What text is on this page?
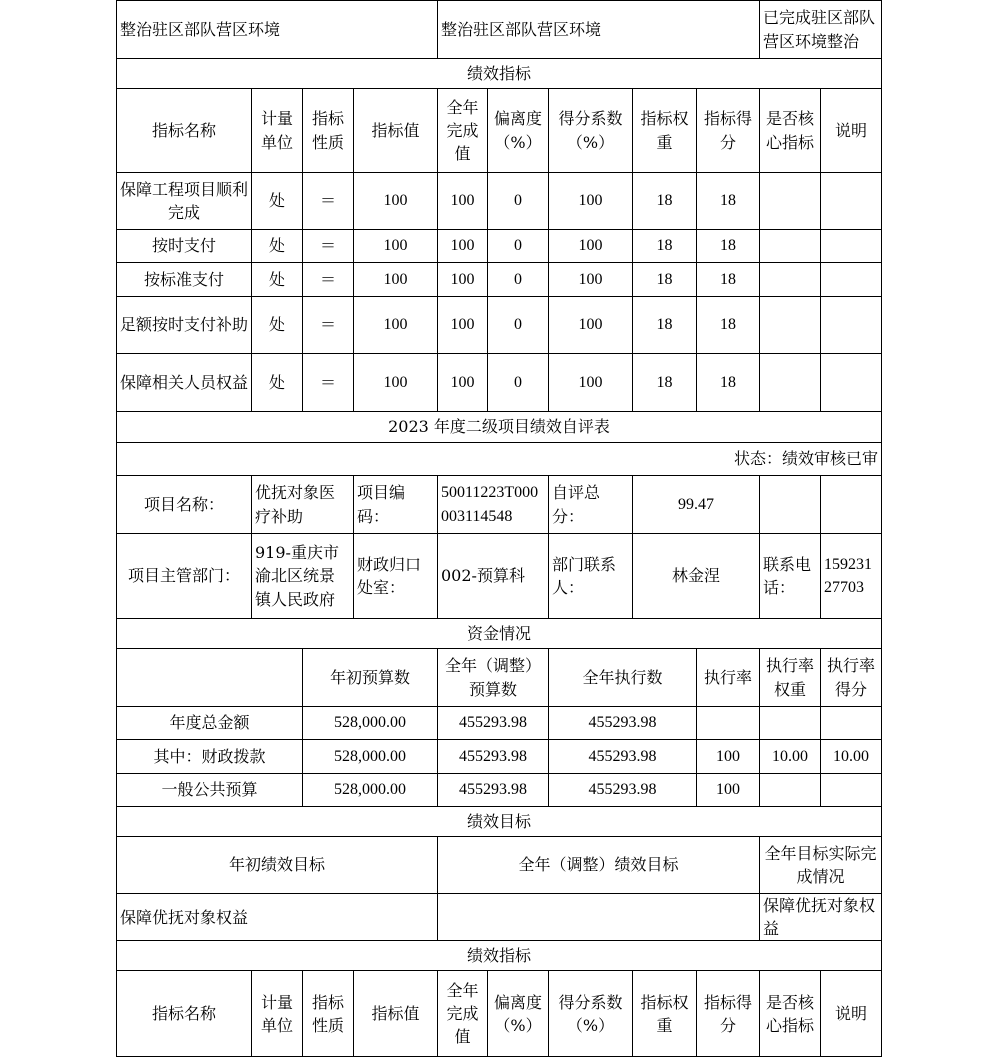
整治驻区部队营区环境				整治驻区部队营区环境					已完成驻区部队营区环境整治	
绩效指标										
指标名称	计量单位	指标性质	指标值	全年完成值	偏离度（%）	得分系数（%）	指标权重	指标得分	是否核心指标	说明
保障工程项目顺利完成	处	＝	100	100	0	100	18	18		
按时支付	处	＝	100	100	0	100	18	18		
按标准支付	处	＝	100	100	0	100	18	18		
足额按时支付补助	处	＝	100	100	0	100	18	18		
保障相关人员权益	处	＝	100	100	0	100	18	18		
2023 年度二级项目绩效自评表										
状态：绩效审核已审										
项目名称：	优抚对象医疗补助		项目编码：	50011223T000003114548		自评总分：	99.47			
项目主管部门：	919-重庆市渝北区统景镇人民政府		财政归口处室：	002-预算科		部门联系人：	林金涅		联系电话：	15923127703
资金情况										
		年初预算数		全年（调整）预算数		全年执行数		执行率	执行率权重	执行率得分
年度总金额		528,000.00		455293.98		455293.98				
其中：财政拨款		528,000.00		455293.98		455293.98		100	10.00	10.00
一般公共预算		528,000.00		455293.98		455293.98		100		
绩效目标										
年初绩效目标				全年（调整）绩效目标					全年目标实际完成情况	
保障优抚对象权益									保障优抚对象权益	
绩效指标										
指标名称	计量单位	指标性质	指标值	全年完成值	偏离度（%）	得分系数（%）	指标权重	指标得分	是否核心指标	说明
